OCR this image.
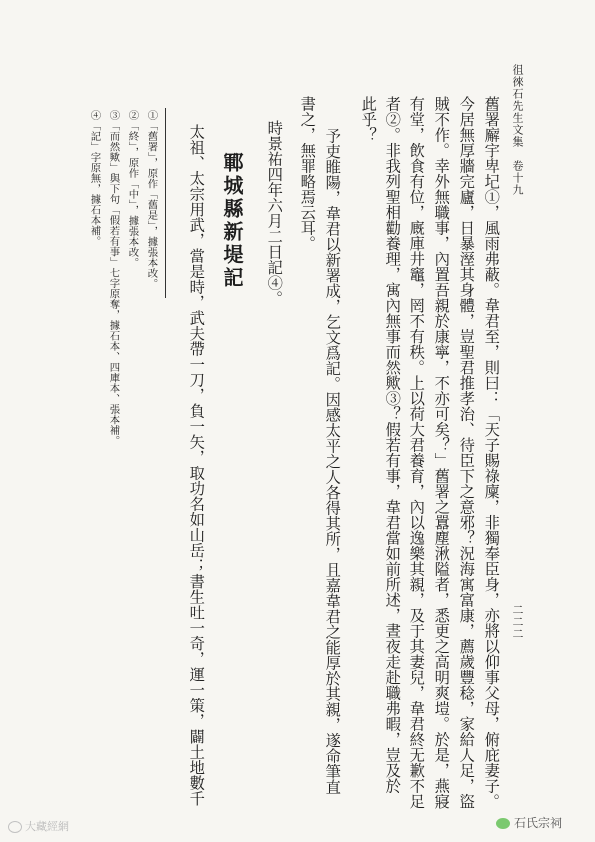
徂徠石先生文集　卷十九
二二二
舊署廨宇卑圮①，風雨弗蔽。韋君至，則曰：「天子賜祿廩，非獨奉臣身，亦將以仰事父母，俯庇妻子。
今居無厚牆完廬，日暴溼其身體，豈聖君推孝治、待臣下之意邪？況海寓富康，薦歲豐稔，家給人足，盜
賊不作。幸外無職事，內置吾親於康寧，不亦可矣？」舊署之囂塵湫隘者，悉更之高明爽塏。於是，燕寢
有堂，飲食有位，廐庫井竈，罔不有秩。上以荷大君養育，內以逸樂其親，及于其妻兒，韋君終无歉不足
者②。非我列聖相勸養理，寓內無事而然歟③？假若有事，韋君當如前所述，晝夜走赴職弗暇，豈及於
此乎？
予吏睢陽，韋君以新署成，乞文爲記。因感太平之人各得其所，且嘉韋君之能厚於其親，遂命筆直
書之，無罪略焉云耳。
時景祐四年六月二日記④。
鄆城縣新堤記
太祖、太宗用武，當是時，武夫帶一刀，負一矢，取功名如山岳；書生吐一奇，運一策，闢土地數千
①「舊署」，原作「舊是」，據張本改。
②「終」，原作「中」，據張本改。
③「而然歟」與下句「假若有事」七字原奪，據石本、四庫本、張本補。
④「記」字原無，據石本補。
大藏經網	石氏宗祠
